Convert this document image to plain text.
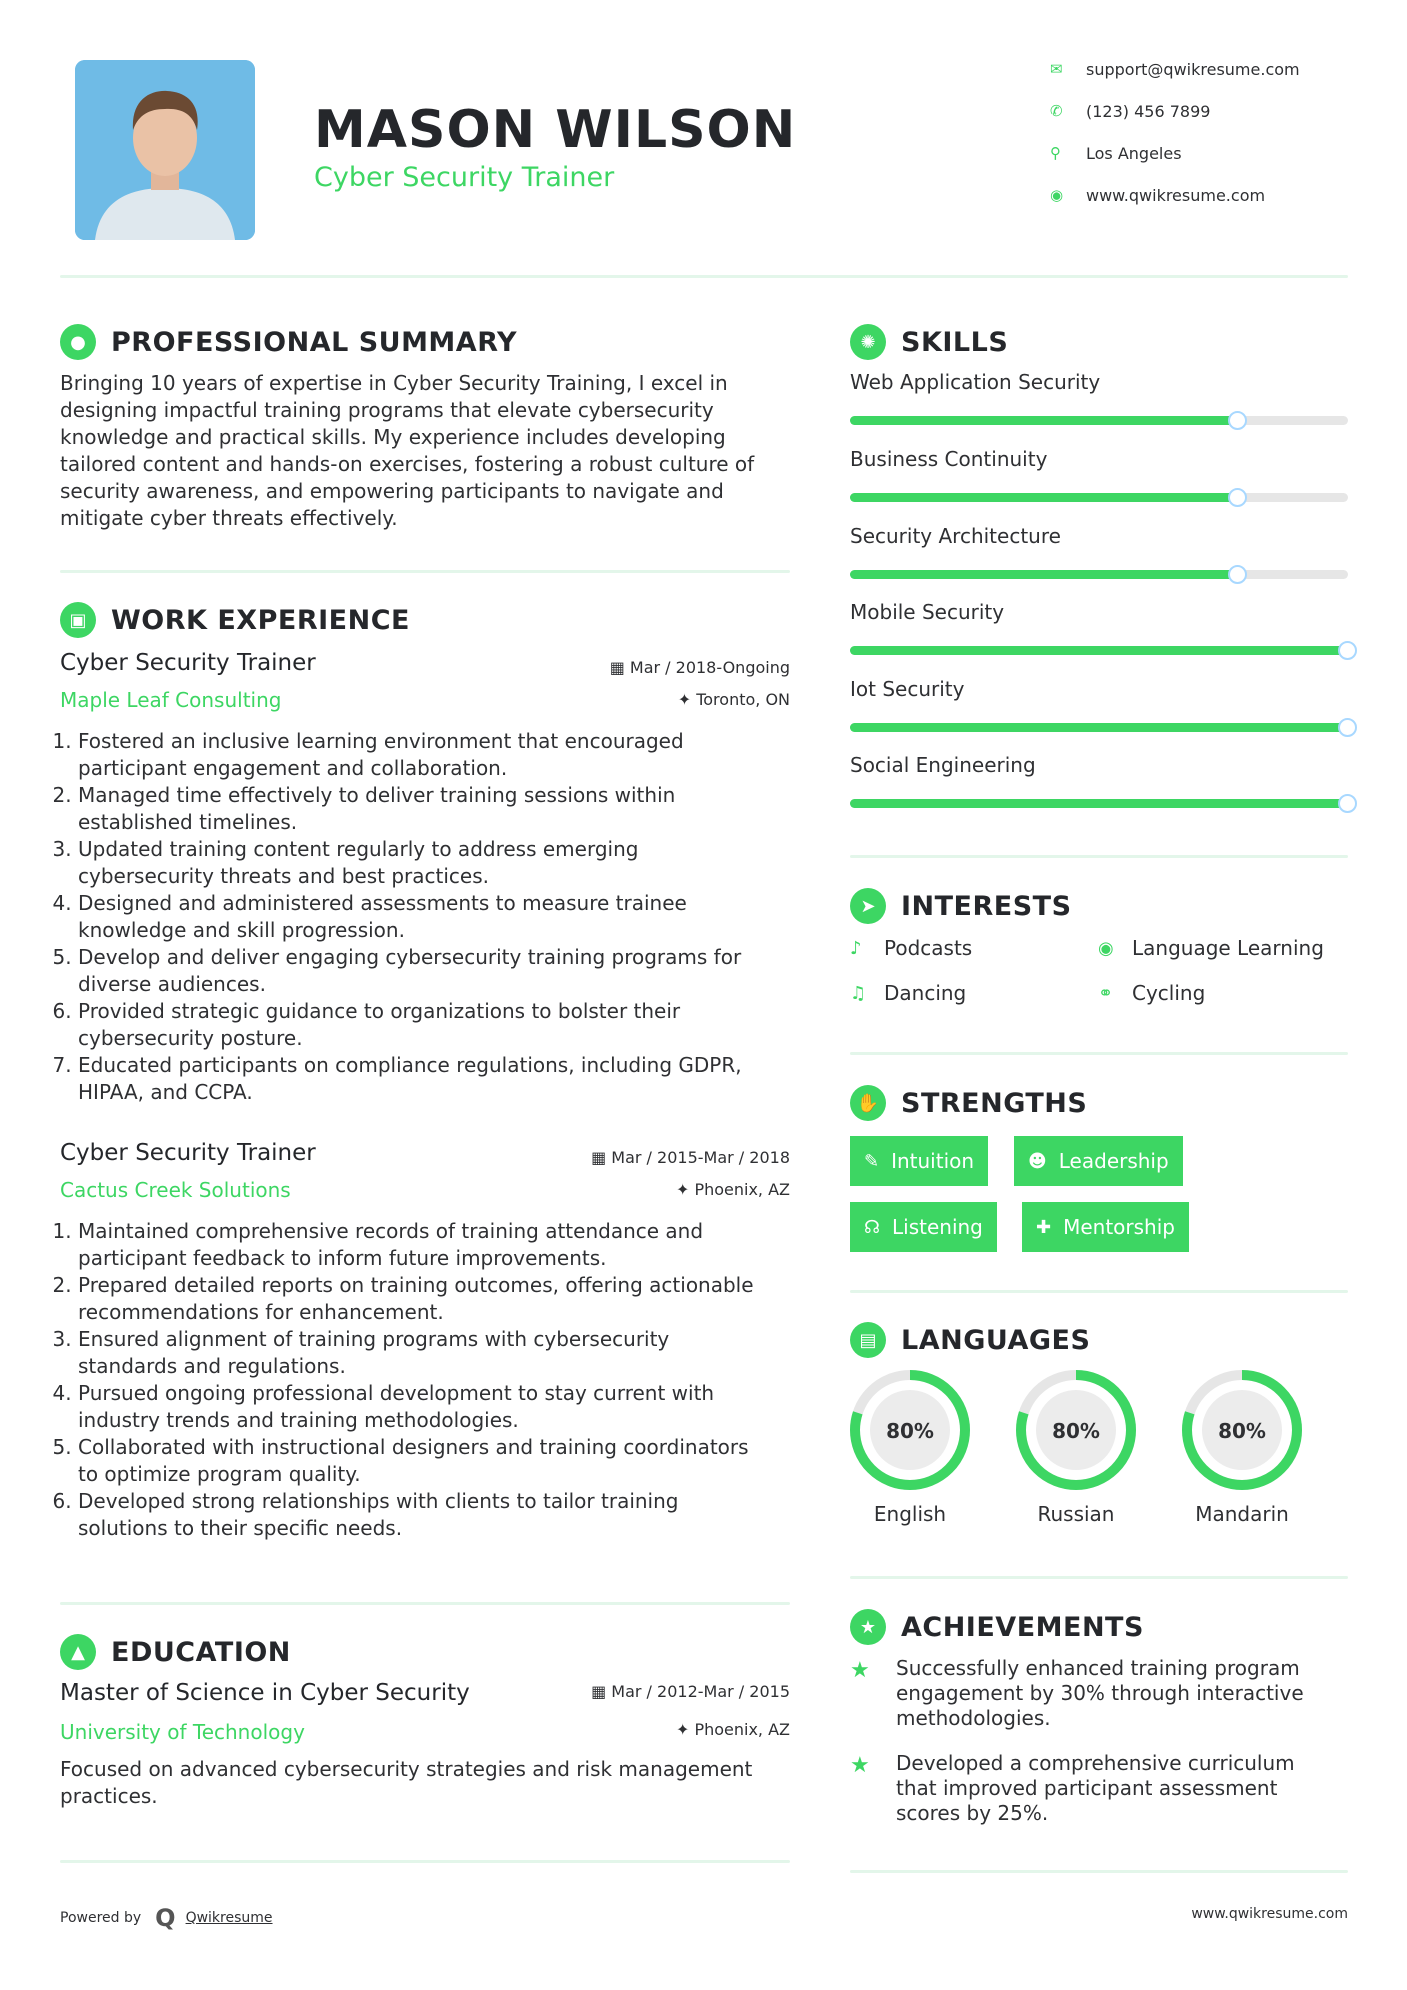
MASON WILSON
Cyber Security Trainer
✉	support@qwikresume.com
✆	(123) 456 7899
⚲	Los Angeles
◉	www.qwikresume.com
● PROFESSIONAL SUMMARY
Bringing 10 years of expertise in Cyber Security Training, I excel in
designing impactful training programs that elevate cybersecurity
knowledge and practical skills. My experience includes developing
tailored content and hands-on exercises, fostering a robust culture of
security awareness, and empowering participants to navigate and
mitigate cyber threats effectively.
▣ WORK EXPERIENCE
Cyber Security Trainer	▦ Mar / 2018-Ongoing
Maple Leaf Consulting	✦ Toronto, ON
1. Fostered an inclusive learning environment that encouraged
participant engagement and collaboration.
2. Managed time effectively to deliver training sessions within
established timelines.
3. Updated training content regularly to address emerging
cybersecurity threats and best practices.
4. Designed and administered assessments to measure trainee
knowledge and skill progression.
5. Develop and deliver engaging cybersecurity training programs for
diverse audiences.
6. Provided strategic guidance to organizations to bolster their
cybersecurity posture.
7. Educated participants on compliance regulations, including GDPR,
HIPAA, and CCPA.
Cyber Security Trainer	▦ Mar / 2015-Mar / 2018
Cactus Creek Solutions	✦ Phoenix, AZ
1. Maintained comprehensive records of training attendance and
participant feedback to inform future improvements.
2. Prepared detailed reports on training outcomes, offering actionable
recommendations for enhancement.
3. Ensured alignment of training programs with cybersecurity
standards and regulations.
4. Pursued ongoing professional development to stay current with
industry trends and training methodologies.
5. Collaborated with instructional designers and training coordinators
to optimize program quality.
6. Developed strong relationships with clients to tailor training
solutions to their specific needs.
▲ EDUCATION
Master of Science in Cyber Security	▦ Mar / 2012-Mar / 2015
University of Technology	✦ Phoenix, AZ
Focused on advanced cybersecurity strategies and risk management
practices.
✺ SKILLS
Web Application Security
Business Continuity
Security Architecture
Mobile Security
Iot Security
Social Engineering
➤ INTERESTS
♪	Podcasts	◉ Language Learning
♫ Dancing	⚭ Cycling
✋ STRENGTHS
✎ Intuition	☻ Leadership
☊ Listening	✚ Mentorship
▤ LANGUAGES
80%
English
80%
Russian
80%
Mandarin
★ ACHIEVEMENTS
★ Successfully enhanced training program
engagement by 30% through interactive
methodologies.
★ Developed a comprehensive curriculum
that improved participant assessment
scores by 25%.
Powered by Q Qwikresume	www.qwikresume.com
